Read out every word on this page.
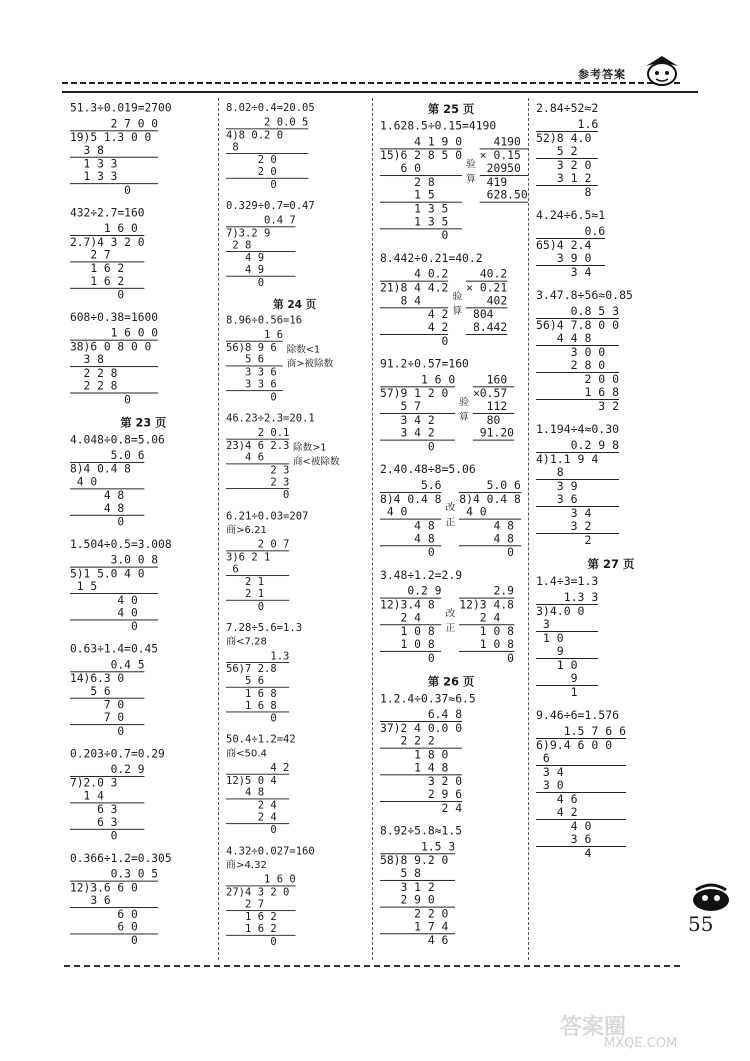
参考答案
51.3÷0.019=2700
2 7 0 0
19)5 1.3 0 0
3 8
1 3 3
1 3 3
0
432÷2.7=160
1 6 0
2.7)4 3 2 0
2 7
1 6 2
1 6 2
0
608÷0.38=1600
1 6 0 0
38)6 0 8 0 0
3 8
2 2 8
2 2 8
0
第 23 页
4.048÷0.8=5.06
5.0 6
8)4 0.4 8
4 0
4 8
4 8
0
1.504÷0.5=3.008
3.0 0 8
5)1 5.0 4 0
1 5
4 0
4 0
0
0.63÷1.4=0.45
0.4 5
14)6.3 0
5 6
7 0
7 0
0
0.203÷0.7=0.29
0.2 9
7)2.0 3
1 4
6 3
6 3
0
0.366÷1.2=0.305
0.3 0 5
12)3.6 6 0
3 6
6 0
6 0
0
8.02÷0.4=20.05
2 0.0 5
4)8 0.2 0
8
2 0
2 0
0
0.329÷0.7=0.47
0.4 7
7)3.2 9
2 8
4 9
4 9
0
第 24 页
8.96÷0.56=16
1 6
56)8 9 6
5 6
3 3 6
3 3 6
0
除数<1
商>被除数
46.23÷2.3=20.1
2 0.1
23)4 6 2.3
4 6
2 3
2 3
0
除数>1
商<被除数
6.21÷0.03=207
商>6.21
2 0 7
3)6 2 1
6
2 1
2 1
0
7.28÷5.6=1.3
商<7.28
1.3
56)7 2.8
5 6
1 6 8
1 6 8
0
50.4÷1.2=42
商<50.4
4 2
12)5 0 4
4 8
2 4
2 4
0
4.32÷0.027=160
商>4.32
1 6 0
27)4 3 2 0
2 7
1 6 2
1 6 2
0
第 25 页
1.628.5÷0.15=4190
4 1 9 0
15)6 2 8 5 0
6 0
2 8
1 5
1 3 5
1 3 5
0
验
算
4190
× 0.15
20950
419
628.50
8.442÷0.21=40.2
4 0.2
21)8 4 4.2
8 4
4 2
4 2
0
验
算
40.2
× 0.21
402
804
8.442
91.2÷0.57=160
1 6 0
57)9 1 2 0
5 7
3 4 2
3 4 2
0
验
算
160
×0.57
112
80
91.20
2.40.48÷8=5.06
5.6
8)4 0.4 8
4 0
4 8
4 8
0
改
正
5.0 6
8)4 0.4 8
4 0
4 8
4 8
0
3.48÷1.2=2.9
0.2 9
12)3.4 8
2 4
1 0 8
1 0 8
0
改
正
2.9
12)3 4.8
2 4
1 0 8
1 0 8
0
第 26 页
1.2.4÷0.37≈6.5
6.4 8
37)2 4 0.0 0
2 2 2
1 8 0
1 4 8
3 2 0
2 9 6
2 4
8.92÷5.8≈1.5
1.5 3
58)8 9.2 0
5 8
3 1 2
2 9 0
2 2 0
1 7 4
4 6
2.84÷52≈2
1.6
52)8 4.0
5 2
3 2 0
3 1 2
8
4.24÷6.5≈1
0.6
65)4 2.4
3 9 0
3 4
3.47.8÷56≈0.85
0.8 5 3
56)4 7.8 0 0
4 4 8
3 0 0
2 8 0
2 0 0
1 6 8
3 2
1.194÷4≈0.30
0.2 9 8
4)1.1 9 4
8
3 9
3 6
3 4
3 2
2
第 27 页
1.4÷3=1.3
1.3 3
3)4.0 0
3
1 0
9
1 0
9
1
9.46÷6=1.576
1.5 7 6 6
6)9.4 6 0 0
6
3 4
3 0
4 6
4 2
4 0
3 6
4
55
答案圈
MXQE.COM
